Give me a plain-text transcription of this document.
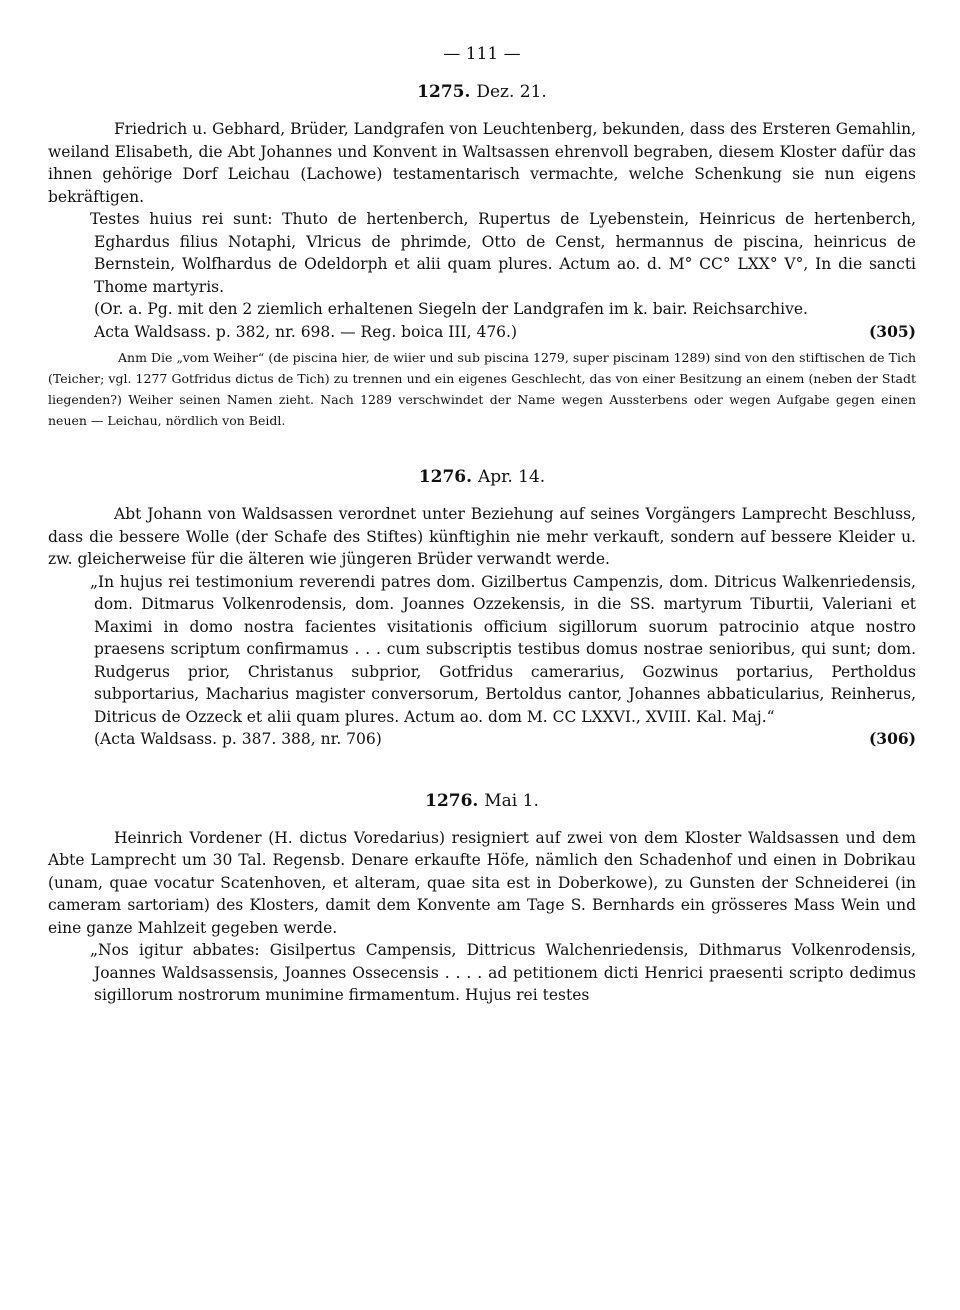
— 111 —
1275. Dez. 21.

Friedrich u. Gebhard, Brüder, Landgrafen von Leuchtenberg, bekunden, dass des Ersteren Gemahlin, weiland Elisabeth, die Abt Johannes und Konvent in Waltsassen ehrenvoll begraben, diesem Kloster dafür das ihnen gehörige Dorf Leichau (Lachowe) testamentarisch vermachte, welche Schenkung sie nun eigens bekräftigen.

Testes huius rei sunt: Thuto de hertenberch, Rupertus de Lyebenstein, Heinricus de hertenberch, Eghardus filius Notaphi, Vlricus de phrimde, Otto de Censt, hermannus de piscina, heinricus de Bernstein, Wolfhardus de Odeldorph et alii quam plures. Actum ao. d. M° CC° LXX° V°, In die sancti Thome martyris.

(Or. a. Pg. mit den 2 ziemlich erhaltenen Siegeln der Landgrafen im k. bair. Reichsarchive.

Acta Waldsass. p. 382, nr. 698. — Reg. boica III, 476.)	(305)

Anm Die „vom Weiher“ (de piscina hier, de wiier und sub piscina 1279, super piscinam 1289) sind von den stiftischen de Tich (Teicher; vgl. 1277 Gotfridus dictus de Tich) zu trennen und ein eigenes Geschlecht, das von einer Besitzung an einem (neben der Stadt liegenden?) Weiher seinen Namen zieht. Nach 1289 verschwindet der Name wegen Aussterbens oder wegen Aufgabe gegen einen neuen — Leichau, nördlich von Beidl.

1276. Apr. 14.

Abt Johann von Waldsassen verordnet unter Beziehung auf seines Vorgängers Lamprecht Beschluss, dass die bessere Wolle (der Schafe des Stiftes) künftighin nie mehr verkauft, sondern auf bessere Kleider u. zw. gleicherweise für die älteren wie jüngeren Brüder verwandt werde.

„In hujus rei testimonium reverendi patres dom. Gizilbertus Campenzis, dom. Ditricus Walkenriedensis, dom. Ditmarus Volkenrodensis, dom. Joannes Ozzekensis, in die SS. martyrum Tiburtii, Valeriani et Maximi in domo nostra facientes visitationis officium sigillorum suorum patrocinio atque nostro praesens scriptum confirmamus . . . cum subscriptis testibus domus nostrae senioribus, qui sunt; dom. Rudgerus prior, Christanus subprior, Gotfridus camerarius, Gozwinus portarius, Pertholdus subportarius, Macharius magister conversorum, Bertoldus cantor, Johannes abbaticularius, Reinherus, Ditricus de Ozzeck et alii quam plures. Actum ao. dom M. CC LXXVI., XVIII. Kal. Maj.“

(Acta Waldsass. p. 387. 388, nr. 706)	(306)
1276. Mai 1.

Heinrich Vordener (H. dictus Voredarius) resigniert auf zwei von dem Kloster Waldsassen und dem Abte Lamprecht um 30 Tal. Regensb. Denare erkaufte Höfe, nämlich den Schadenhof und einen in Dobrikau (unam, quae vocatur Scatenhoven, et alteram, quae sita est in Doberkowe), zu Gunsten der Schneiderei (in cameram sartoriam) des Klosters, damit dem Konvente am Tage S. Bernhards ein grösseres Mass Wein und eine ganze Mahlzeit gegeben werde.

„Nos igitur abbates: Gisilpertus Campensis, Dittricus Walchenriedensis, Dithmarus Volkenrodensis, Joannes Waldsassensis, Joannes Ossecensis . . . . ad petitionem dicti Henrici praesenti scripto dedimus sigillorum nostrorum munimine firmamentum. Hujus rei testes
